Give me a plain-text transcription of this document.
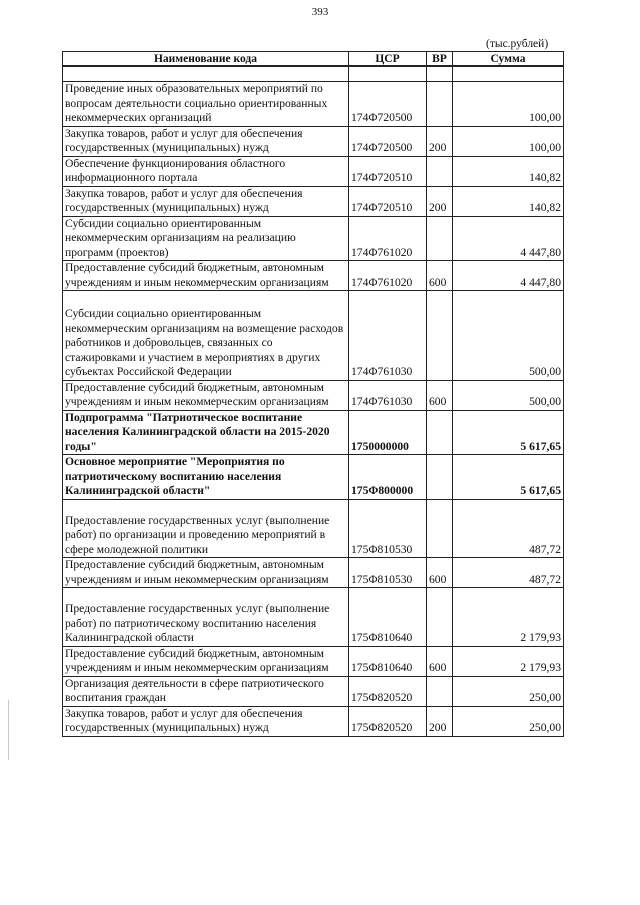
393
(тыс.рублей)
Наименование кода	ЦСР	ВР	Сумма

Проведение иных образовательных мероприятий по вопросам деятельности социально ориентированных некоммерческих организаций	174Ф720500		100,00
Закупка товаров, работ и услуг для обеспечения государственных (муниципальных) нужд	174Ф720500	200	100,00
Обеспечение функционирования областного информационного портала	174Ф720510		140,82
Закупка товаров, работ и услуг для обеспечения государственных (муниципальных) нужд	174Ф720510	200	140,82
Субсидии социально ориентированным некоммерческим организациям на реализацию программ (проектов)	174Ф761020		4 447,80
Предоставление субсидий бюджетным, автономным учреждениям и иным некоммерческим организациям	174Ф761020	600	4 447,80
Субсидии социально ориентированным некоммерческим организациям на возмещение расходов работников и добровольцев, связанных со стажировками и участием в мероприятиях в других субъектах Российской Федерации	174Ф761030		500,00
Предоставление субсидий бюджетным, автономным учреждениям и иным некоммерческим организациям	174Ф761030	600	500,00
Подпрограмма "Патриотическое воспитание населения Калининградской области на 2015-2020 годы"	1750000000		5 617,65
Основное мероприятие "Мероприятия по патриотическому воспитанию населения Калининградской области"	175Ф800000		5 617,65
Предоставление государственных услуг (выполнение работ) по организации и проведению мероприятий в сфере молодежной политики	175Ф810530		487,72
Предоставление субсидий бюджетным, автономным учреждениям и иным некоммерческим организациям	175Ф810530	600	487,72
Предоставление государственных услуг (выполнение работ) по патриотическому воспитанию населения Калининградской области	175Ф810640		2 179,93
Предоставление субсидий бюджетным, автономным учреждениям и иным некоммерческим организациям	175Ф810640	600	2 179,93
Организация деятельности в сфере патриотического воспитания граждан	175Ф820520		250,00
Закупка товаров, работ и услуг для обеспечения государственных (муниципальных) нужд	175Ф820520	200	250,00
